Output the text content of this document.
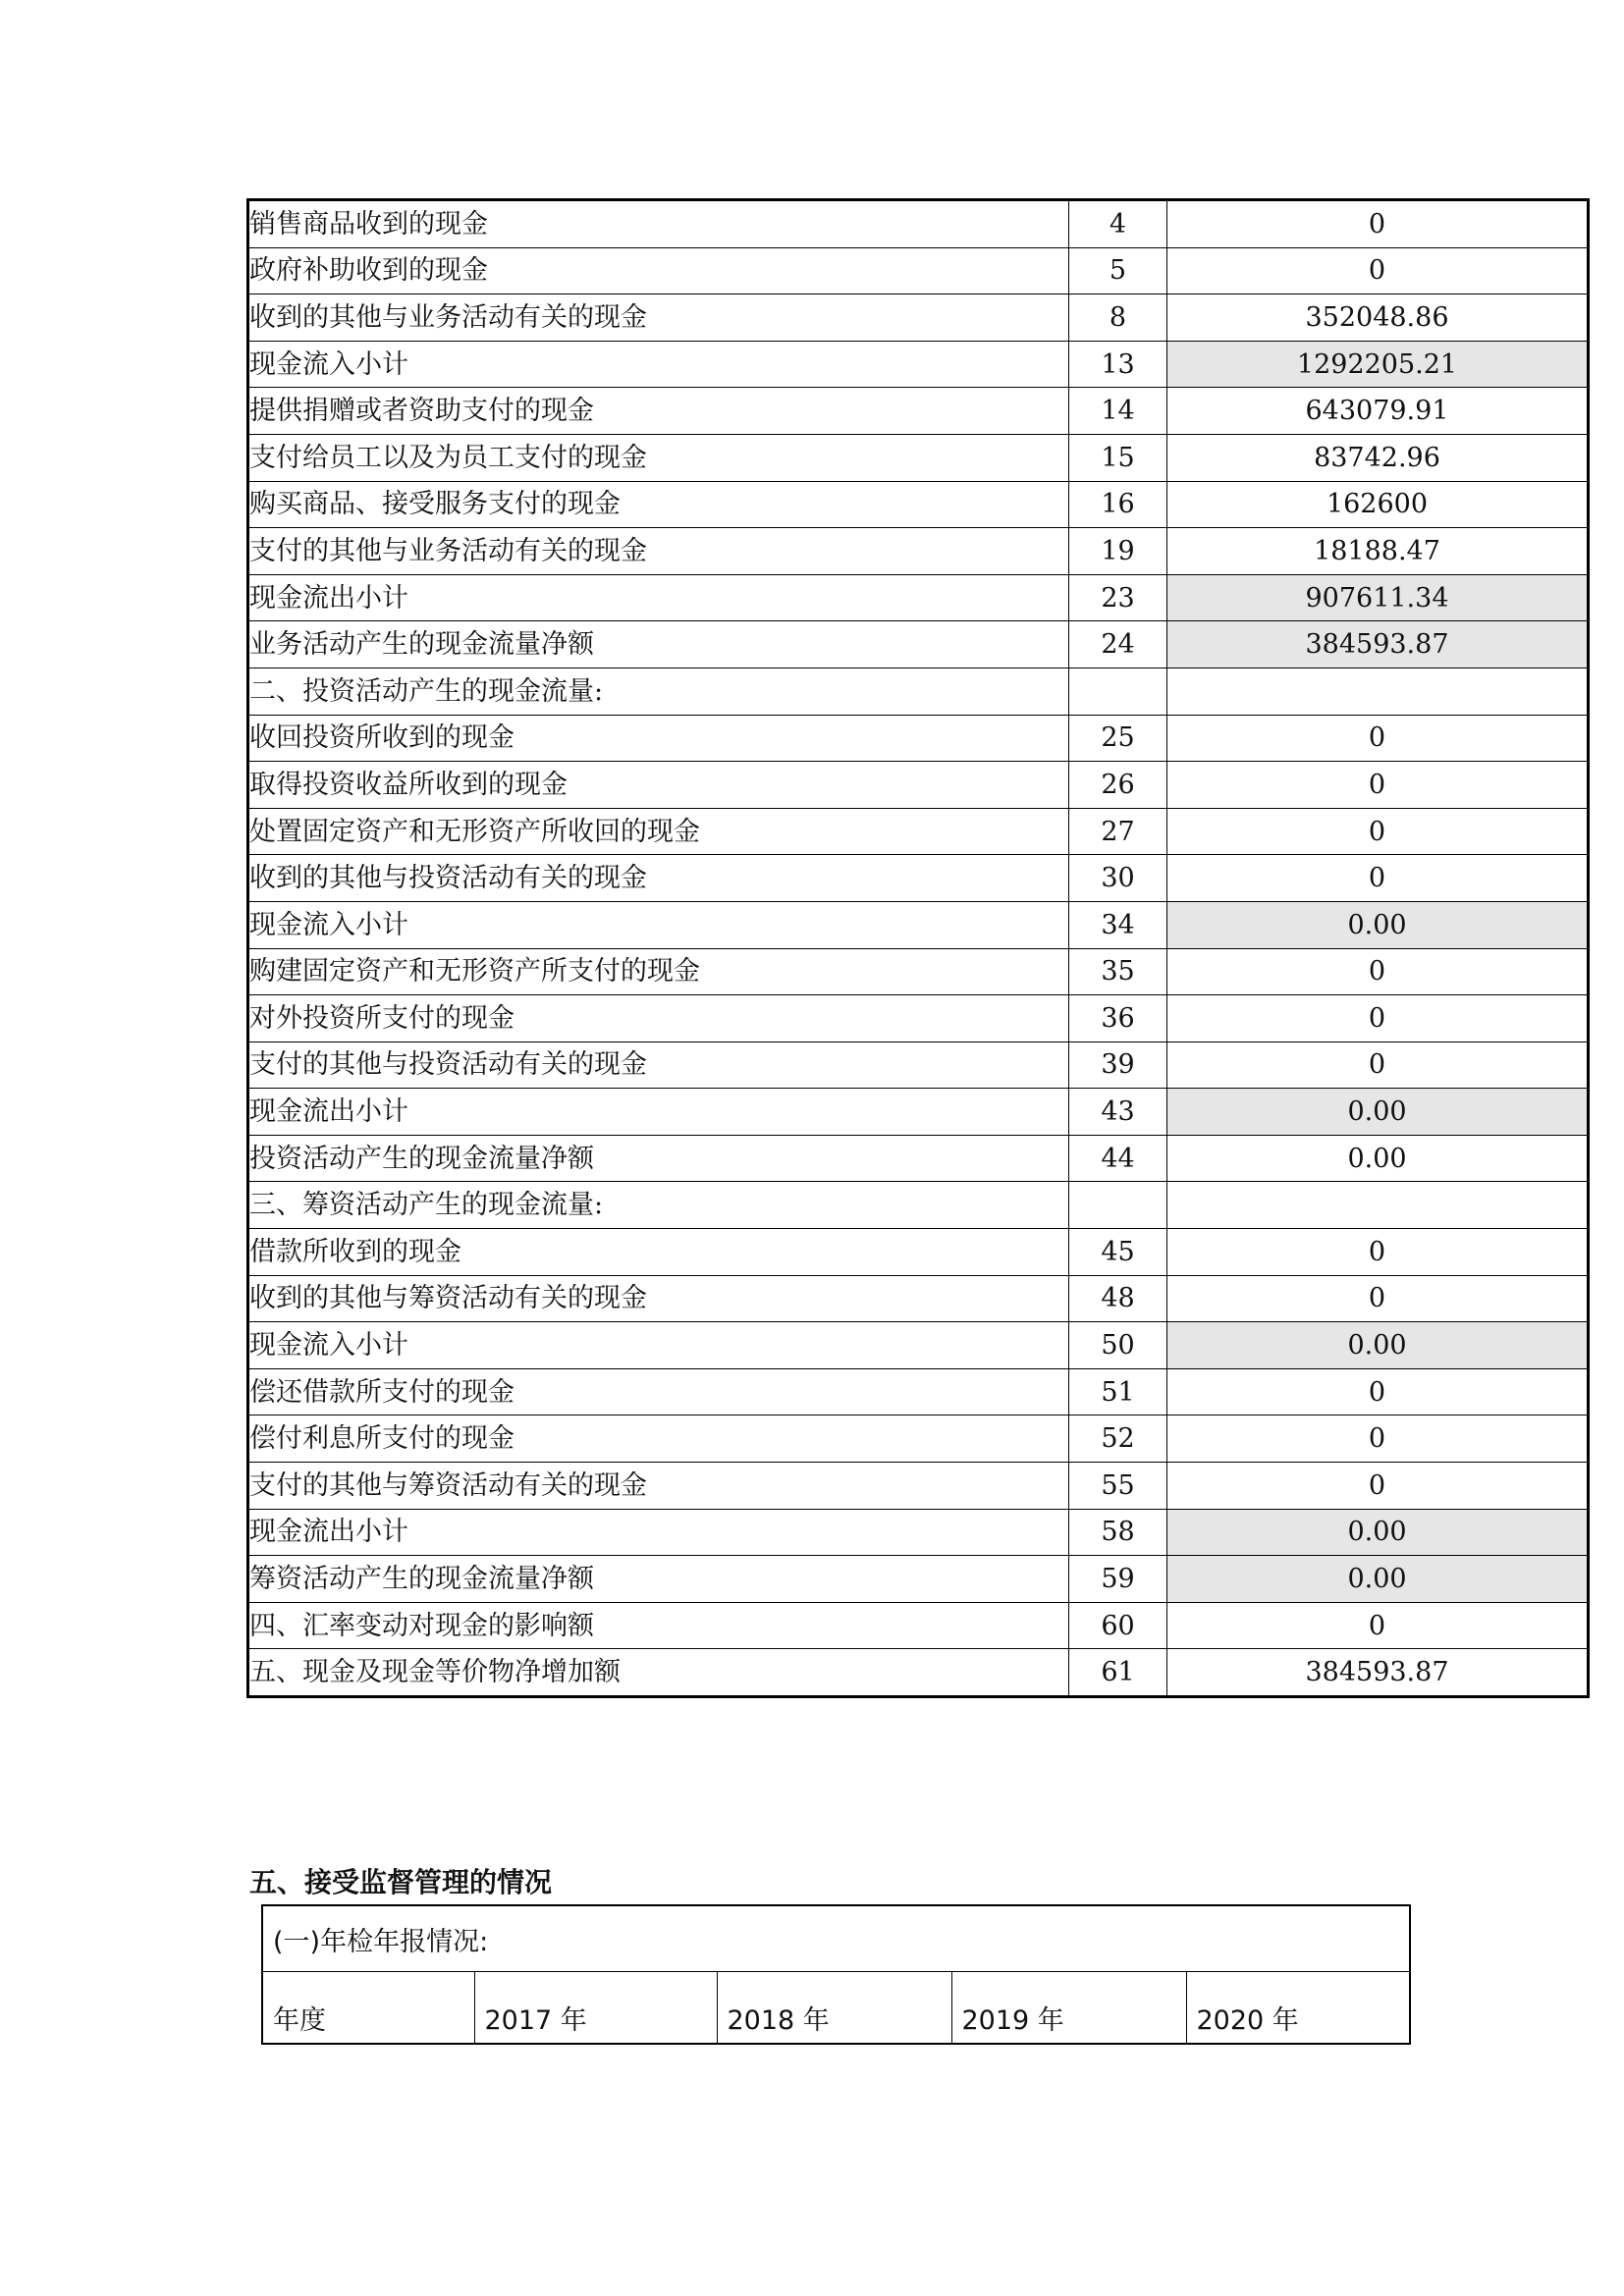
销售商品收到的现金	4	0
政府补助收到的现金	5	0
收到的其他与业务活动有关的现金	8	352048.86
现金流入小计	13	1292205.21
提供捐赠或者资助支付的现金	14	643079.91
支付给员工以及为员工支付的现金	15	83742.96
购买商品、接受服务支付的现金	16	162600
支付的其他与业务活动有关的现金	19	18188.47
现金流出小计	23	907611.34
业务活动产生的现金流量净额	24	384593.87
二、投资活动产生的现金流量:		
收回投资所收到的现金	25	0
取得投资收益所收到的现金	26	0
处置固定资产和无形资产所收回的现金	27	0
收到的其他与投资活动有关的现金	30	0
现金流入小计	34	0.00
购建固定资产和无形资产所支付的现金	35	0
对外投资所支付的现金	36	0
支付的其他与投资活动有关的现金	39	0
现金流出小计	43	0.00
投资活动产生的现金流量净额	44	0.00
三、筹资活动产生的现金流量:		
借款所收到的现金	45	0
收到的其他与筹资活动有关的现金	48	0
现金流入小计	50	0.00
偿还借款所支付的现金	51	0
偿付利息所支付的现金	52	0
支付的其他与筹资活动有关的现金	55	0
现金流出小计	58	0.00
筹资活动产生的现金流量净额	59	0.00
四、汇率变动对现金的影响额	60	0
五、现金及现金等价物净增加额	61	384593.87
五、接受监督管理的情况
(一)年检年报情况:
年度	2017 年	2018 年	2019 年	2020 年
